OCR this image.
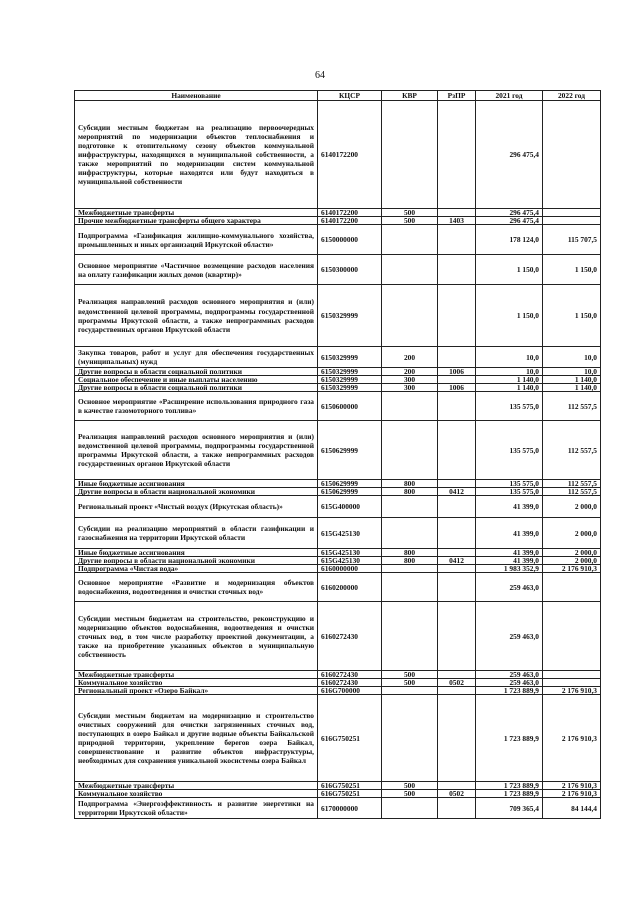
64
Наименование	КЦСР	КВР	РзПР	2021 год	2022 год
Субсидии местным бюджетам на реализацию первоочередных мероприятий по модернизации объектов теплоснабжения и подготовке к отопительному сезону объектов коммунальной инфраструктуры, находящихся в муниципальной собственности, а также мероприятий по модернизации систем коммунальной инфраструктуры, которые находятся или будут находиться в муниципальной собственности	6140172200			296 475,4	
Межбюджетные трансферты	6140172200	500		296 475,4	
Прочие межбюджетные трансферты общего характера	6140172200	500	1403	296 475,4	
Подпрограмма «Газификация жилищно-коммунального хозяйства, промышленных и иных организаций Иркутской области»	6150000000			178 124,0	115 707,5
Основное мероприятие «Частичное возмещение расходов населения на оплату газификации жилых домов (квартир)»	6150300000			1 150,0	1 150,0
Реализация направлений расходов основного мероприятия и (или) ведомственной целевой программы, подпрограммы государственной программы Иркутской области, а также непрограммных расходов государственных органов Иркутской области	6150329999			1 150,0	1 150,0
Закупка товаров, работ и услуг для обеспечения государственных (муниципальных) нужд	6150329999	200		10,0	10,0
Другие вопросы в области социальной политики	6150329999	200	1006	10,0	10,0
Социальное обеспечение и иные выплаты населению	6150329999	300		1 140,0	1 140,0
Другие вопросы в области социальной политики	6150329999	300	1006	1 140,0	1 140,0
Основное мероприятие «Расширение использования природного газа в качестве газомоторного топлива»	6150600000			135 575,0	112 557,5
Реализация направлений расходов основного мероприятия и (или) ведомственной целевой программы, подпрограммы государственной программы Иркутской области, а также непрограммных расходов государственных органов Иркутской области	6150629999			135 575,0	112 557,5
Иные бюджетные ассигнования	6150629999	800		135 575,0	112 557,5
Другие вопросы в области национальной экономики	6150629999	800	0412	135 575,0	112 557,5
Региональный проект «Чистый воздух (Иркутская область)»	615G400000			41 399,0	2 000,0
Субсидии на реализацию мероприятий в области газификации и газоснабжения на территории Иркутской области	615G425130			41 399,0	2 000,0
Иные бюджетные ассигнования	615G425130	800		41 399,0	2 000,0
Другие вопросы в области национальной экономики	615G425130	800	0412	41 399,0	2 000,0
Подпрограмма «Чистая вода»	6160000000			1 983 352,9	2 176 910,3
Основное мероприятие «Развитие и модернизация объектов водоснабжения, водоотведения и очистки сточных вод»	6160200000			259 463,0	
Субсидии местным бюджетам на строительство, реконструкцию и модернизацию объектов водоснабжения, водоотведения и очистки сточных вод, в том числе разработку проектной документации, а также на приобретение указанных объектов в муниципальную собственность	6160272430			259 463,0	
Межбюджетные трансферты	6160272430	500		259 463,0	
Коммунальное хозяйство	6160272430	500	0502	259 463,0	
Региональный проект «Озеро Байкал»	616G700000			1 723 889,9	2 176 910,3
Субсидии местным бюджетам на модернизацию и строительство очистных сооружений для очистки загрязненных сточных вод, поступающих в озеро Байкал и другие водные объекты Байкальской природной территории, укрепление берегов озера Байкал, совершенствование и развитие объектов инфраструктуры, необходимых для сохранения уникальной экосистемы озера Байкал	616G750251			1 723 889,9	2 176 910,3
Межбюджетные трансферты	616G750251	500		1 723 889,9	2 176 910,3
Коммунальное хозяйство	616G750251	500	0502	1 723 889,9	2 176 910,3
Подпрограмма «Энергоэффективность и развитие энергетики на территории Иркутской области»	6170000000			709 365,4	84 144,4
